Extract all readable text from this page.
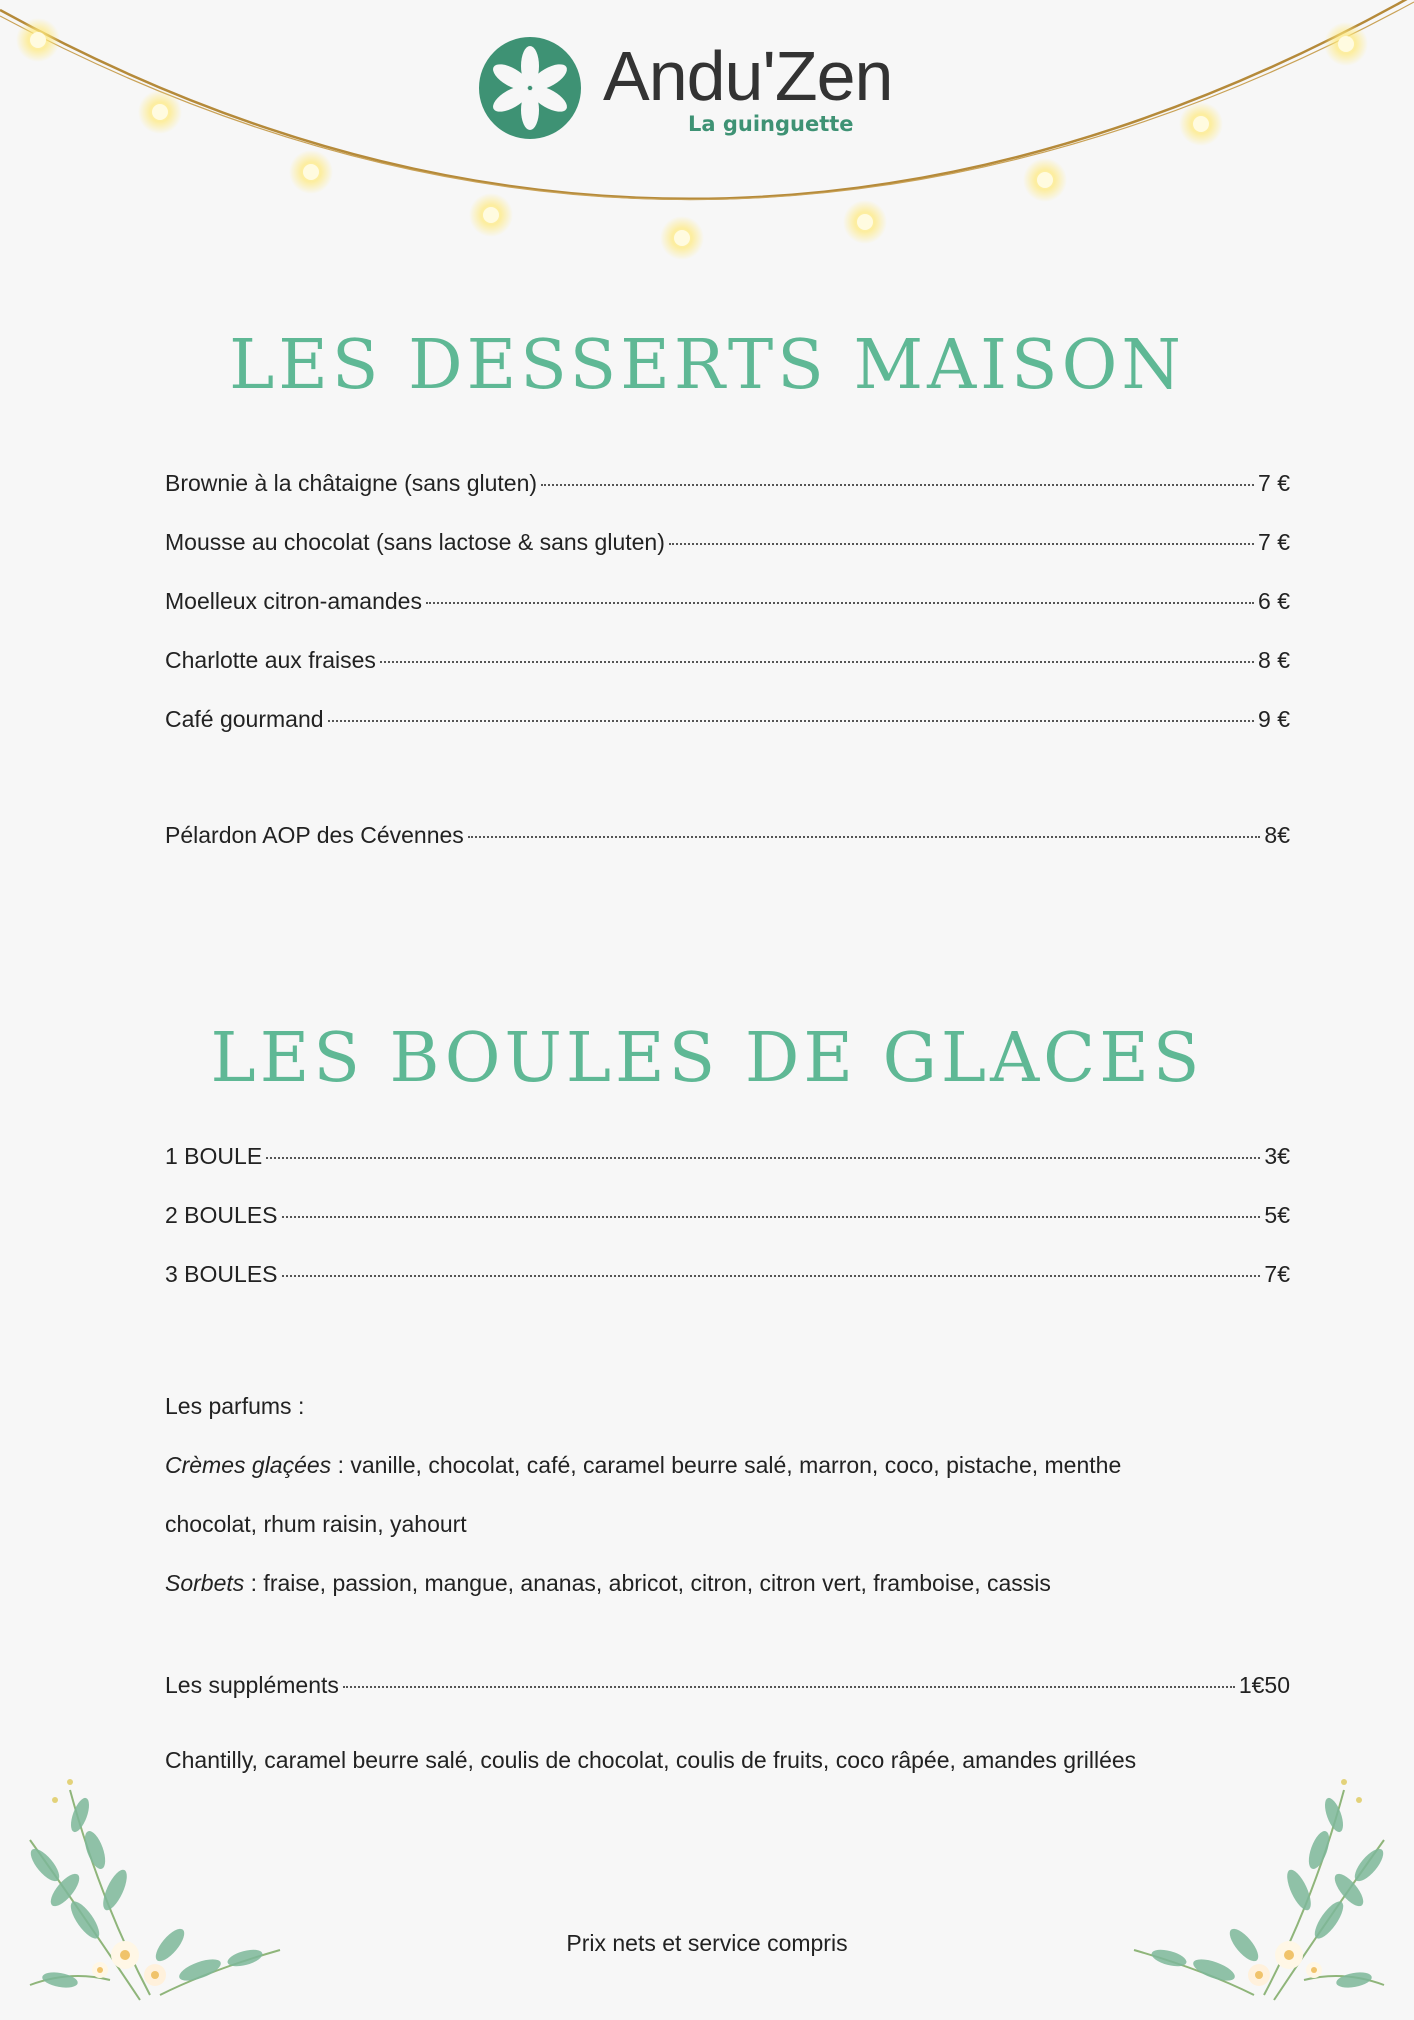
Andu'Zen
La guinguette
LES DESSERTS MAISON
Brownie à la châtaigne (sans gluten)	7 €
Mousse au chocolat (sans lactose & sans gluten)	7 €
Moelleux citron-amandes	6 €
Charlotte aux fraises	8 €
Café gourmand	9 €
Pélardon AOP des Cévennes	8€
LES BOULES DE GLACES
1 BOULE	3€
2 BOULES	5€
3 BOULES	7€

Les parfums :

Crèmes glaçées : vanille, chocolat, café, caramel beurre salé, marron, coco, pistache, menthe

chocolat, rhum raisin, yahourt

Sorbets : fraise, passion, mangue, ananas, abricot, citron, citron vert, framboise, cassis

Les suppléments	1€50

Chantilly, caramel beurre salé, coulis de chocolat, coulis de fruits, coco râpée, amandes grillées

Prix nets et service compris
